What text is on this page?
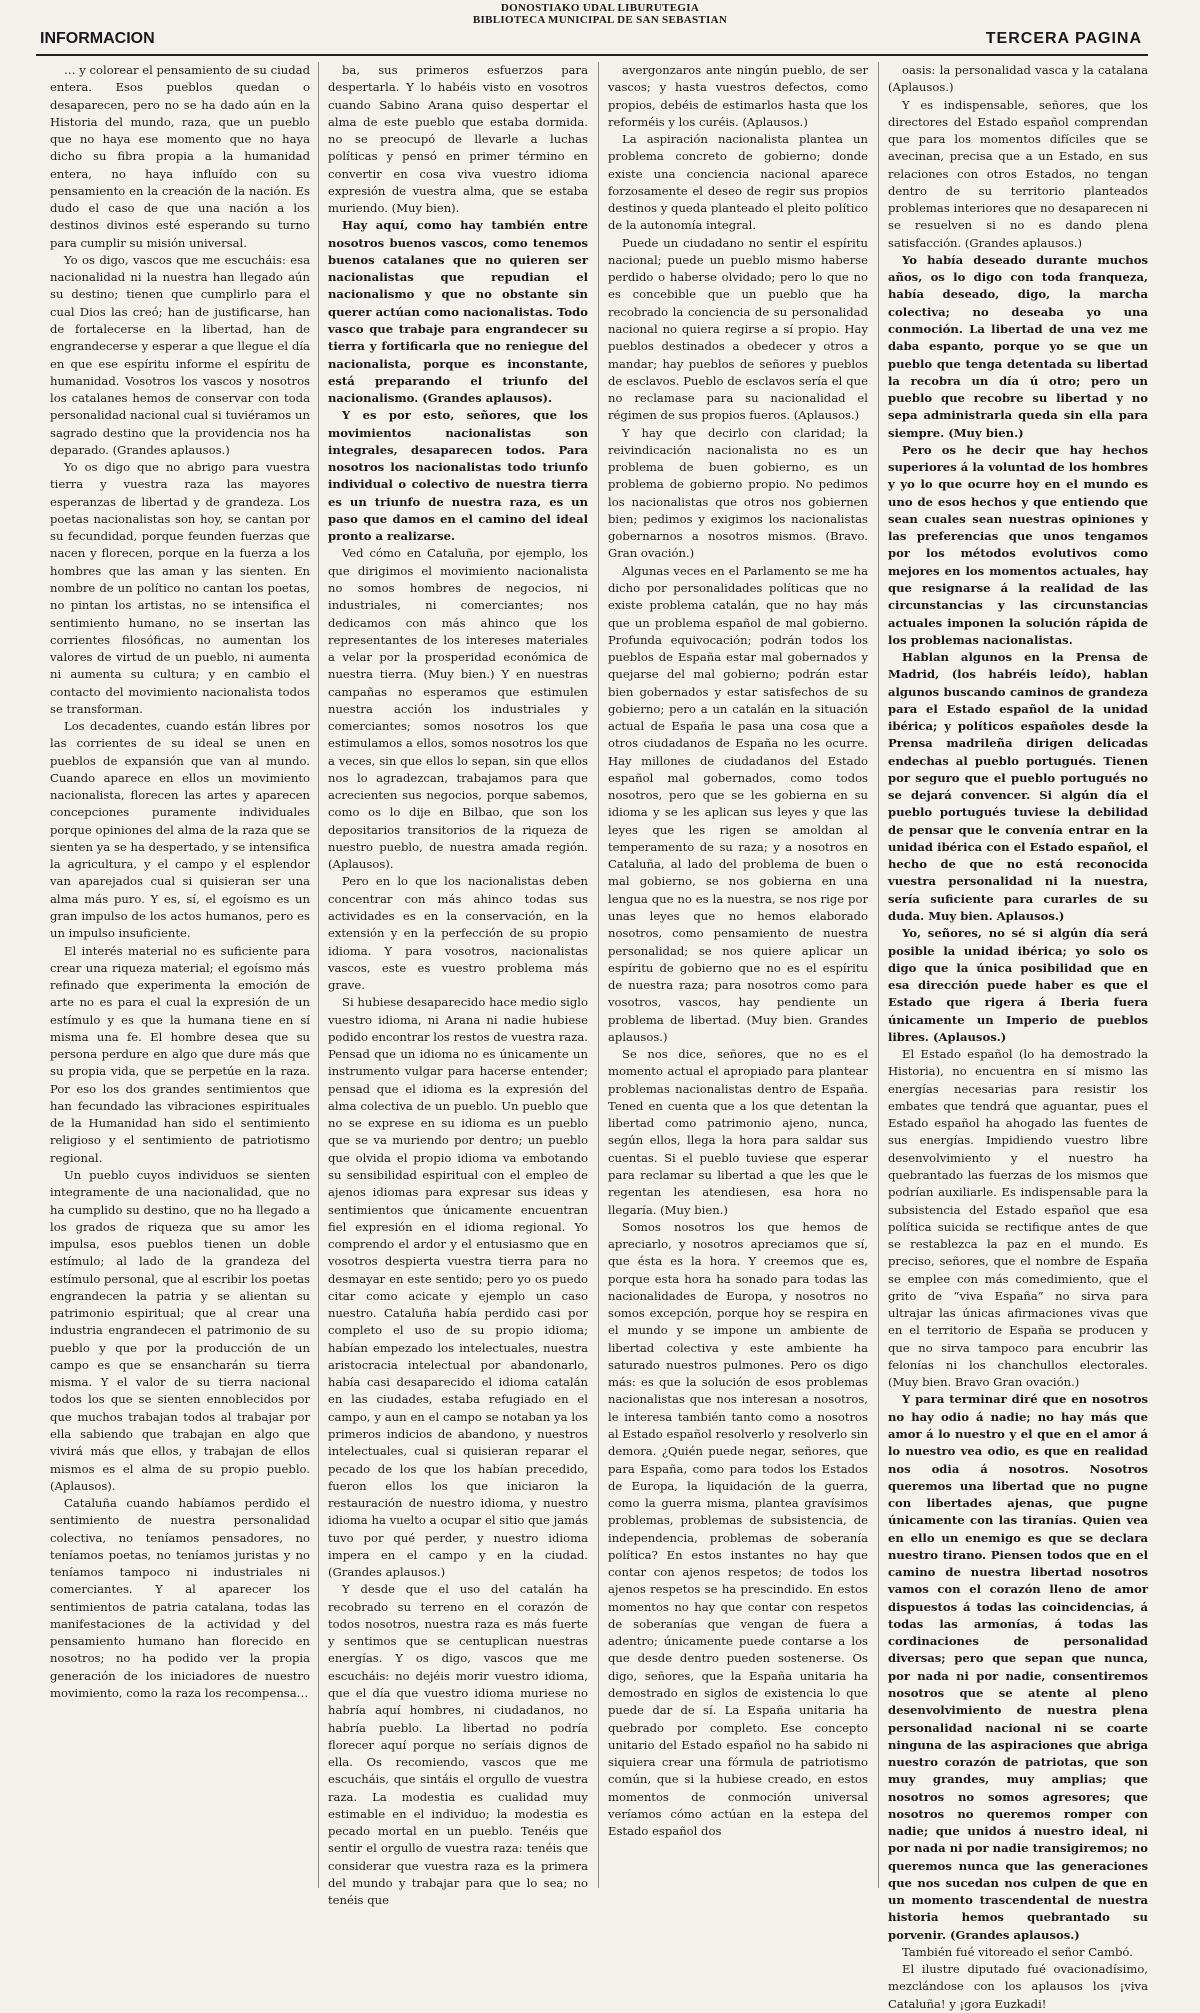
DONOSTIAKO UDAL LIBURUTEGIA
BIBLIOTECA MUNICIPAL DE SAN SEBASTIAN
INFORMACION	TERCERA PAGINA

… y colorear el pensamiento de su ciudad entera. Esos pueblos quedan o desaparecen, pero no se ha dado aún en la Historia del mundo, raza, que un pueblo que no haya ese momento que no haya dicho su fibra propia a la humanidad entera, no haya influído con su pensamiento en la creación de la nación. Es dudo el caso de que una nación a los destinos divinos esté esperando su turno para cumplir su misión universal.

Yo os digo, vascos que me escucháis: esa nacionalidad ni la nuestra han llegado aún su destino; tienen que cumplirlo para el cual Dios las creó; han de justificarse, han de fortalecerse en la libertad, han de engrandecerse y esperar a que llegue el día en que ese espíritu informe el espíritu de humanidad. Vosotros los vascos y nosotros los catalanes hemos de conservar con toda personalidad nacional cual si tuviéramos un sagrado destino que la providencia nos ha deparado. (Grandes aplausos.)

Yo os digo que no abrigo para vuestra tierra y vuestra raza las mayores esperanzas de libertad y de grandeza. Los poetas nacionalistas son hoy, se cantan por su fecundidad, porque feunden fuerzas que nacen y florecen, porque en la fuerza a los hombres que las aman y las sienten. En nombre de un político no cantan los poetas, no pintan los artistas, no se intensifica el sentimiento humano, no se insertan las corrientes filosóficas, no aumentan los valores de virtud de un pueblo, ni aumenta ni aumenta su cultura; y en cambio el contacto del movimiento nacionalista todos se transforman.

Los decadentes, cuando están libres por las corrientes de su ideal se unen en pueblos de expansión que van al mundo. Cuando aparece en ellos un movimiento nacionalista, florecen las artes y aparecen concepciones puramente individuales porque opiniones del alma de la raza que se sienten ya se ha despertado, y se intensifica la agricultura, y el campo y el esplendor van aparejados cual si quisieran ser una alma más puro. Y es, sí, el egoísmo es un gran impulso de los actos humanos, pero es un impulso insuficiente.

El interés material no es suficiente para crear una riqueza material; el egoísmo más refinado que experimenta la emoción de arte no es para el cual la expresión de un estímulo y es que la humana tiene en sí misma una fe. El hombre desea que su persona perdure en algo que dure más que su propia vida, que se perpetúe en la raza. Por eso los dos grandes sentimientos que han fecundado las vibraciones espirituales de la Humanidad han sido el sentimiento religioso y el sentimiento de patriotismo regional.

Un pueblo cuyos individuos se sienten integramente de una nacionalidad, que no ha cumplido su destino, que no ha llegado a los grados de riqueza que su amor les impulsa, esos pueblos tienen un doble estímulo; al lado de la grandeza del estímulo personal, que al escribir los poetas engrandecen la patria y se alientan su patrimonio espiritual; que al crear una industria engrandecen el patrimonio de su pueblo y que por la producción de un campo es que se ensancharán su tierra misma. Y el valor de su tierra nacional todos los que se sienten ennoblecidos por que muchos trabajan todos al trabajar por ella sabiendo que trabajan en algo que vivirá más que ellos, y trabajan de ellos mismos es el alma de su propio pueblo. (Aplausos).

Cataluña cuando habíamos perdido el sentimiento de nuestra personalidad colectiva, no teníamos pensadores, no teníamos poetas, no teníamos juristas y no teníamos tampoco ni industriales ni comerciantes. Y al aparecer los sentimientos de patria catalana, todas las manifestaciones de la actividad y del pensamiento humano han florecido en nosotros; no ha podido ver la propia generación de los iniciadores de nuestro movimiento, como la raza los recompensa…

ba, sus primeros esfuerzos para despertarla. Y lo habéis visto en vosotros cuando Sabino Arana quiso despertar el alma de este pueblo que estaba dormida. no se preocupó de llevarle a luchas políticas y pensó en primer término en convertir en cosa viva vuestro idioma expresión de vuestra alma, que se estaba muriendo. (Muy bien).

Hay aquí, como hay también entre nosotros buenos vascos, como tenemos buenos catalanes que no quieren ser nacionalistas que repudian el nacionalismo y que no obstante sin querer actúan como nacionalistas. Todo vasco que trabaje para engrandecer su tierra y fortificarla que no reniegue del nacionalista, porque es inconstante, está preparando el triunfo del nacionalismo. (Grandes aplausos).

Y es por esto, señores, que los movimientos nacionalistas son integrales, desaparecen todos. Para nosotros los nacionalistas todo triunfo individual o colectivo de nuestra tierra es un triunfo de nuestra raza, es un paso que damos en el camino del ideal pronto a realizarse.

Ved cómo en Cataluña, por ejemplo, los que dirigimos el movimiento nacionalista no somos hombres de negocios, ni industriales, ni comerciantes; nos dedicamos con más ahinco que los representantes de los intereses materiales a velar por la prosperidad económica de nuestra tierra. (Muy bien.) Y en nuestras campañas no esperamos que estimulen nuestra acción los industriales y comerciantes; somos nosotros los que estimulamos a ellos, somos nosotros los que a veces, sin que ellos lo sepan, sin que ellos nos lo agradezcan, trabajamos para que acrecienten sus negocios, porque sabemos, como os lo dije en Bilbao, que son los depositarios transitorios de la riqueza de nuestro pueblo, de nuestra amada región. (Aplausos).

Pero en lo que los nacionalistas deben concentrar con más ahinco todas sus actividades es en la conservación, en la extensión y en la perfección de su propio idioma. Y para vosotros, nacionalistas vascos, este es vuestro problema más grave.

Si hubiese desaparecido hace medio siglo vuestro idioma, ni Arana ni nadie hubiese podido encontrar los restos de vuestra raza. Pensad que un idioma no es únicamente un instrumento vulgar para hacerse entender; pensad que el idioma es la expresión del alma colectiva de un pueblo. Un pueblo que no se exprese en su idioma es un pueblo que se va muriendo por dentro; un pueblo que olvida el propio idioma va embotando su sensibilidad espiritual con el empleo de ajenos idiomas para expresar sus ideas y sentimientos que únicamente encuentran fiel expresión en el idioma regional. Yo comprendo el ardor y el entusiasmo que en vosotros despierta vuestra tierra para no desmayar en este sentido; pero yo os puedo citar como acicate y ejemplo un caso nuestro. Cataluña había perdido casi por completo el uso de su propio idioma; habían empezado los intelectuales, nuestra aristocracia intelectual por abandonarlo, había casi desaparecido el idioma catalán en las ciudades, estaba refugiado en el campo, y aun en el campo se notaban ya los primeros indicios de abandono, y nuestros intelectuales, cual si quisieran reparar el pecado de los que los habían precedido, fueron ellos los que iniciaron la restauración de nuestro idioma, y nuestro idioma ha vuelto a ocupar el sitio que jamás tuvo por qué perder, y nuestro idioma impera en el campo y en la ciudad. (Grandes aplausos.)

Y desde que el uso del catalán ha recobrado su terreno en el corazón de todos nosotros, nuestra raza es más fuerte y sentimos que se centuplican nuestras energías. Y os digo, vascos que me escucháis: no dejéis morir vuestro idioma, que el día que vuestro idioma muriese no habría aquí hombres, ni ciudadanos, no habría pueblo. La libertad no podría florecer aquí porque no seríais dignos de ella. Os recomiendo, vascos que me escucháis, que sintáis el orgullo de vuestra raza. La modestia es cualidad muy estimable en el individuo; la modestia es pecado mortal en un pueblo. Tenéis que sentir el orgullo de vuestra raza: tenéis que considerar que vuestra raza es la primera del mundo y trabajar para que lo sea; no tenéis que

avergonzaros ante ningún pueblo, de ser vascos; y hasta vuestros defectos, como propios, debéis de estimarlos hasta que los reforméis y los curéis. (Aplausos.)

La aspiración nacionalista plantea un problema concreto de gobierno; donde existe una conciencia nacional aparece forzosamente el deseo de regir sus propios destinos y queda planteado el pleito político de la autonomía integral.

Puede un ciudadano no sentir el espíritu nacional; puede un pueblo mismo haberse perdido o haberse olvidado; pero lo que no es concebible que un pueblo que ha recobrado la conciencia de su personalidad nacional no quiera regirse a sí propio. Hay pueblos destinados a obedecer y otros a mandar; hay pueblos de señores y pueblos de esclavos. Pueblo de esclavos sería el que no reclamase para su nacionalidad el régimen de sus propios fueros. (Aplausos.)

Y hay que decirlo con claridad; la reivindicación nacionalista no es un problema de buen gobierno, es un problema de gobierno propio. No pedimos los nacionalistas que otros nos gobiernen bien; pedimos y exigimos los nacionalistas gobernarnos a nosotros mismos. (Bravo. Gran ovación.)

Algunas veces en el Parlamento se me ha dicho por personalidades políticas que no existe problema catalán, que no hay más que un problema español de mal gobierno. Profunda equivocación; podrán todos los pueblos de España estar mal gobernados y quejarse del mal gobierno; podrán estar bien gobernados y estar satisfechos de su gobierno; pero a un catalán en la situación actual de España le pasa una cosa que a otros ciudadanos de España no les ocurre. Hay millones de ciudadanos del Estado español mal gobernados, como todos nosotros, pero que se les gobierna en su idioma y se les aplican sus leyes y que las leyes que les rigen se amoldan al temperamento de su raza; y a nosotros en Cataluña, al lado del problema de buen o mal gobierno, se nos gobierna en una lengua que no es la nuestra, se nos rige por unas leyes que no hemos elaborado nosotros, como pensamiento de nuestra personalidad; se nos quiere aplicar un espíritu de gobierno que no es el espíritu de nuestra raza; para nosotros como para vosotros, vascos, hay pendiente un problema de libertad. (Muy bien. Grandes aplausos.)

Se nos dice, señores, que no es el momento actual el apropiado para plantear problemas nacionalistas dentro de España. Tened en cuenta que a los que detentan la libertad como patrimonio ajeno, nunca, según ellos, llega la hora para saldar sus cuentas. Si el pueblo tuviese que esperar para reclamar su libertad a que les que le regentan les atendiesen, esa hora no llegaría. (Muy bien.)

Somos nosotros los que hemos de apreciarlo, y nosotros apreciamos que sí, que ésta es la hora. Y creemos que es, porque esta hora ha sonado para todas las nacionalidades de Europa, y nosotros no somos excepción, porque hoy se respira en el mundo y se impone un ambiente de libertad colectiva y este ambiente ha saturado nuestros pulmones. Pero os digo más: es que la solución de esos problemas nacionalistas que nos interesan a nosotros, le interesa también tanto como a nosotros al Estado español resolverlo y resolverlo sin demora. ¿Quién puede negar, señores, que para España, como para todos los Estados de Europa, la liquidación de la guerra, como la guerra misma, plantea gravísimos problemas, problemas de subsistencia, de independencia, problemas de soberanía política? En estos instantes no hay que contar con ajenos respetos; de todos los ajenos respetos se ha prescindido. En estos momentos no hay que contar con respetos de soberanías que vengan de fuera a adentro; únicamente puede contarse a los que desde dentro pueden sostenerse. Os digo, señores, que la España unitaria ha demostrado en siglos de existencia lo que puede dar de sí. La España unitaria ha quebrado por completo. Ese concepto unitario del Estado español no ha sabido ni siquiera crear una fórmula de patriotismo común, que si la hubiese creado, en estos momentos de conmoción universal veríamos cómo actúan en la estepa del Estado español dos

oasis: la personalidad vasca y la catalana (Aplausos.)

Y es indispensable, señores, que los directores del Estado español comprendan que para los momentos difíciles que se avecinan, precisa que a un Estado, en sus relaciones con otros Estados, no tengan dentro de su territorio planteados problemas interiores que no desaparecen ni se resuelven si no es dando plena satisfacción. (Grandes aplausos.)

Yo había deseado durante muchos años, os lo digo con toda franqueza, había deseado, digo, la marcha colectiva; no deseaba yo una conmoción. La libertad de una vez me daba espanto, porque yo se que un pueblo que tenga detentada su libertad la recobra un día ú otro; pero un pueblo que recobre su libertad y no sepa administrarla queda sin ella para siempre. (Muy bien.)

Pero os he decir que hay hechos superiores á la voluntad de los hombres y yo lo que ocurre hoy en el mundo es uno de esos hechos y que entiendo que sean cuales sean nuestras opiniones y las preferencias que unos tengamos por los métodos evolutivos como mejores en los momentos actuales, hay que resignarse á la realidad de las circunstancias y las circunstancias actuales imponen la solución rápida de los problemas nacionalistas.

Hablan algunos en la Prensa de Madrid, (los habréis leído), hablan algunos buscando caminos de grandeza para el Estado español de la unidad ibérica; y políticos españoles desde la Prensa madrileña dirigen delicadas endechas al pueblo portugués. Tienen por seguro que el pueblo portugués no se dejará convencer. Si algún día el pueblo portugués tuviese la debilidad de pensar que le convenía entrar en la unidad ibérica con el Estado español, el hecho de que no está reconocida vuestra personalidad ni la nuestra, sería suficiente para curarles de su duda. Muy bien. Aplausos.)

Yo, señores, no sé si algún día será posible la unidad ibérica; yo solo os digo que la única posibilidad que en esa dirección puede haber es que el Estado que rigera á Iberia fuera únicamente un Imperio de pueblos libres. (Aplausos.)

El Estado español (lo ha demostrado la Historia), no encuentra en sí mismo las energías necesarias para resistir los embates que tendrá que aguantar, pues el Estado español ha ahogado las fuentes de sus energías. Impidiendo vuestro libre desenvolvimiento y el nuestro ha quebrantado las fuerzas de los mismos que podrían auxiliarle. Es indispensable para la subsistencia del Estado español que esa política suicida se rectifique antes de que se restablezca la paz en el mundo. Es preciso, señores, que el nombre de España se emplee con más comedimiento, que el grito de “viva España” no sirva para ultrajar las únicas afirmaciones vivas que en el territorio de España se producen y que no sirva tampoco para encubrir las felonías ni los chanchullos electorales. (Muy bien. Bravo Gran ovación.)

Y para terminar diré que en nosotros no hay odio á nadie; no hay más que amor á lo nuestro y el que en el amor á lo nuestro vea odio, es que en realidad nos odia á nosotros. Nosotros queremos una libertad que no pugne con libertades ajenas, que pugne únicamente con las tiranías. Quien vea en ello un enemigo es que se declara nuestro tirano. Piensen todos que en el camino de nuestra libertad nosotros vamos con el corazón lleno de amor dispuestos á todas las coincidencias, á todas las armonías, á todas las cordinaciones de personalidad diversas; pero que sepan que nunca, por nada ni por nadie, consentiremos nosotros que se atente al pleno desenvolvimiento de nuestra plena personalidad nacional ni se coarte ninguna de las aspiraciones que abriga nuestro corazón de patriotas, que son muy grandes, muy amplias; que nosotros no somos agresores; que nosotros no queremos romper con nadie; que unidos á nuestro ideal, ni por nada ni por nadie transigiremos; no queremos nunca que las generaciones que nos sucedan nos culpen de que en un momento trascendental de nuestra historia hemos quebrantado su porvenir. (Grandes aplausos.)

También fué vitoreado el señor Cambó.

El ilustre diputado fué ovacionadísimo, mezclándose con los aplausos los ¡viva Cataluña! y ¡gora Euzkadi!
